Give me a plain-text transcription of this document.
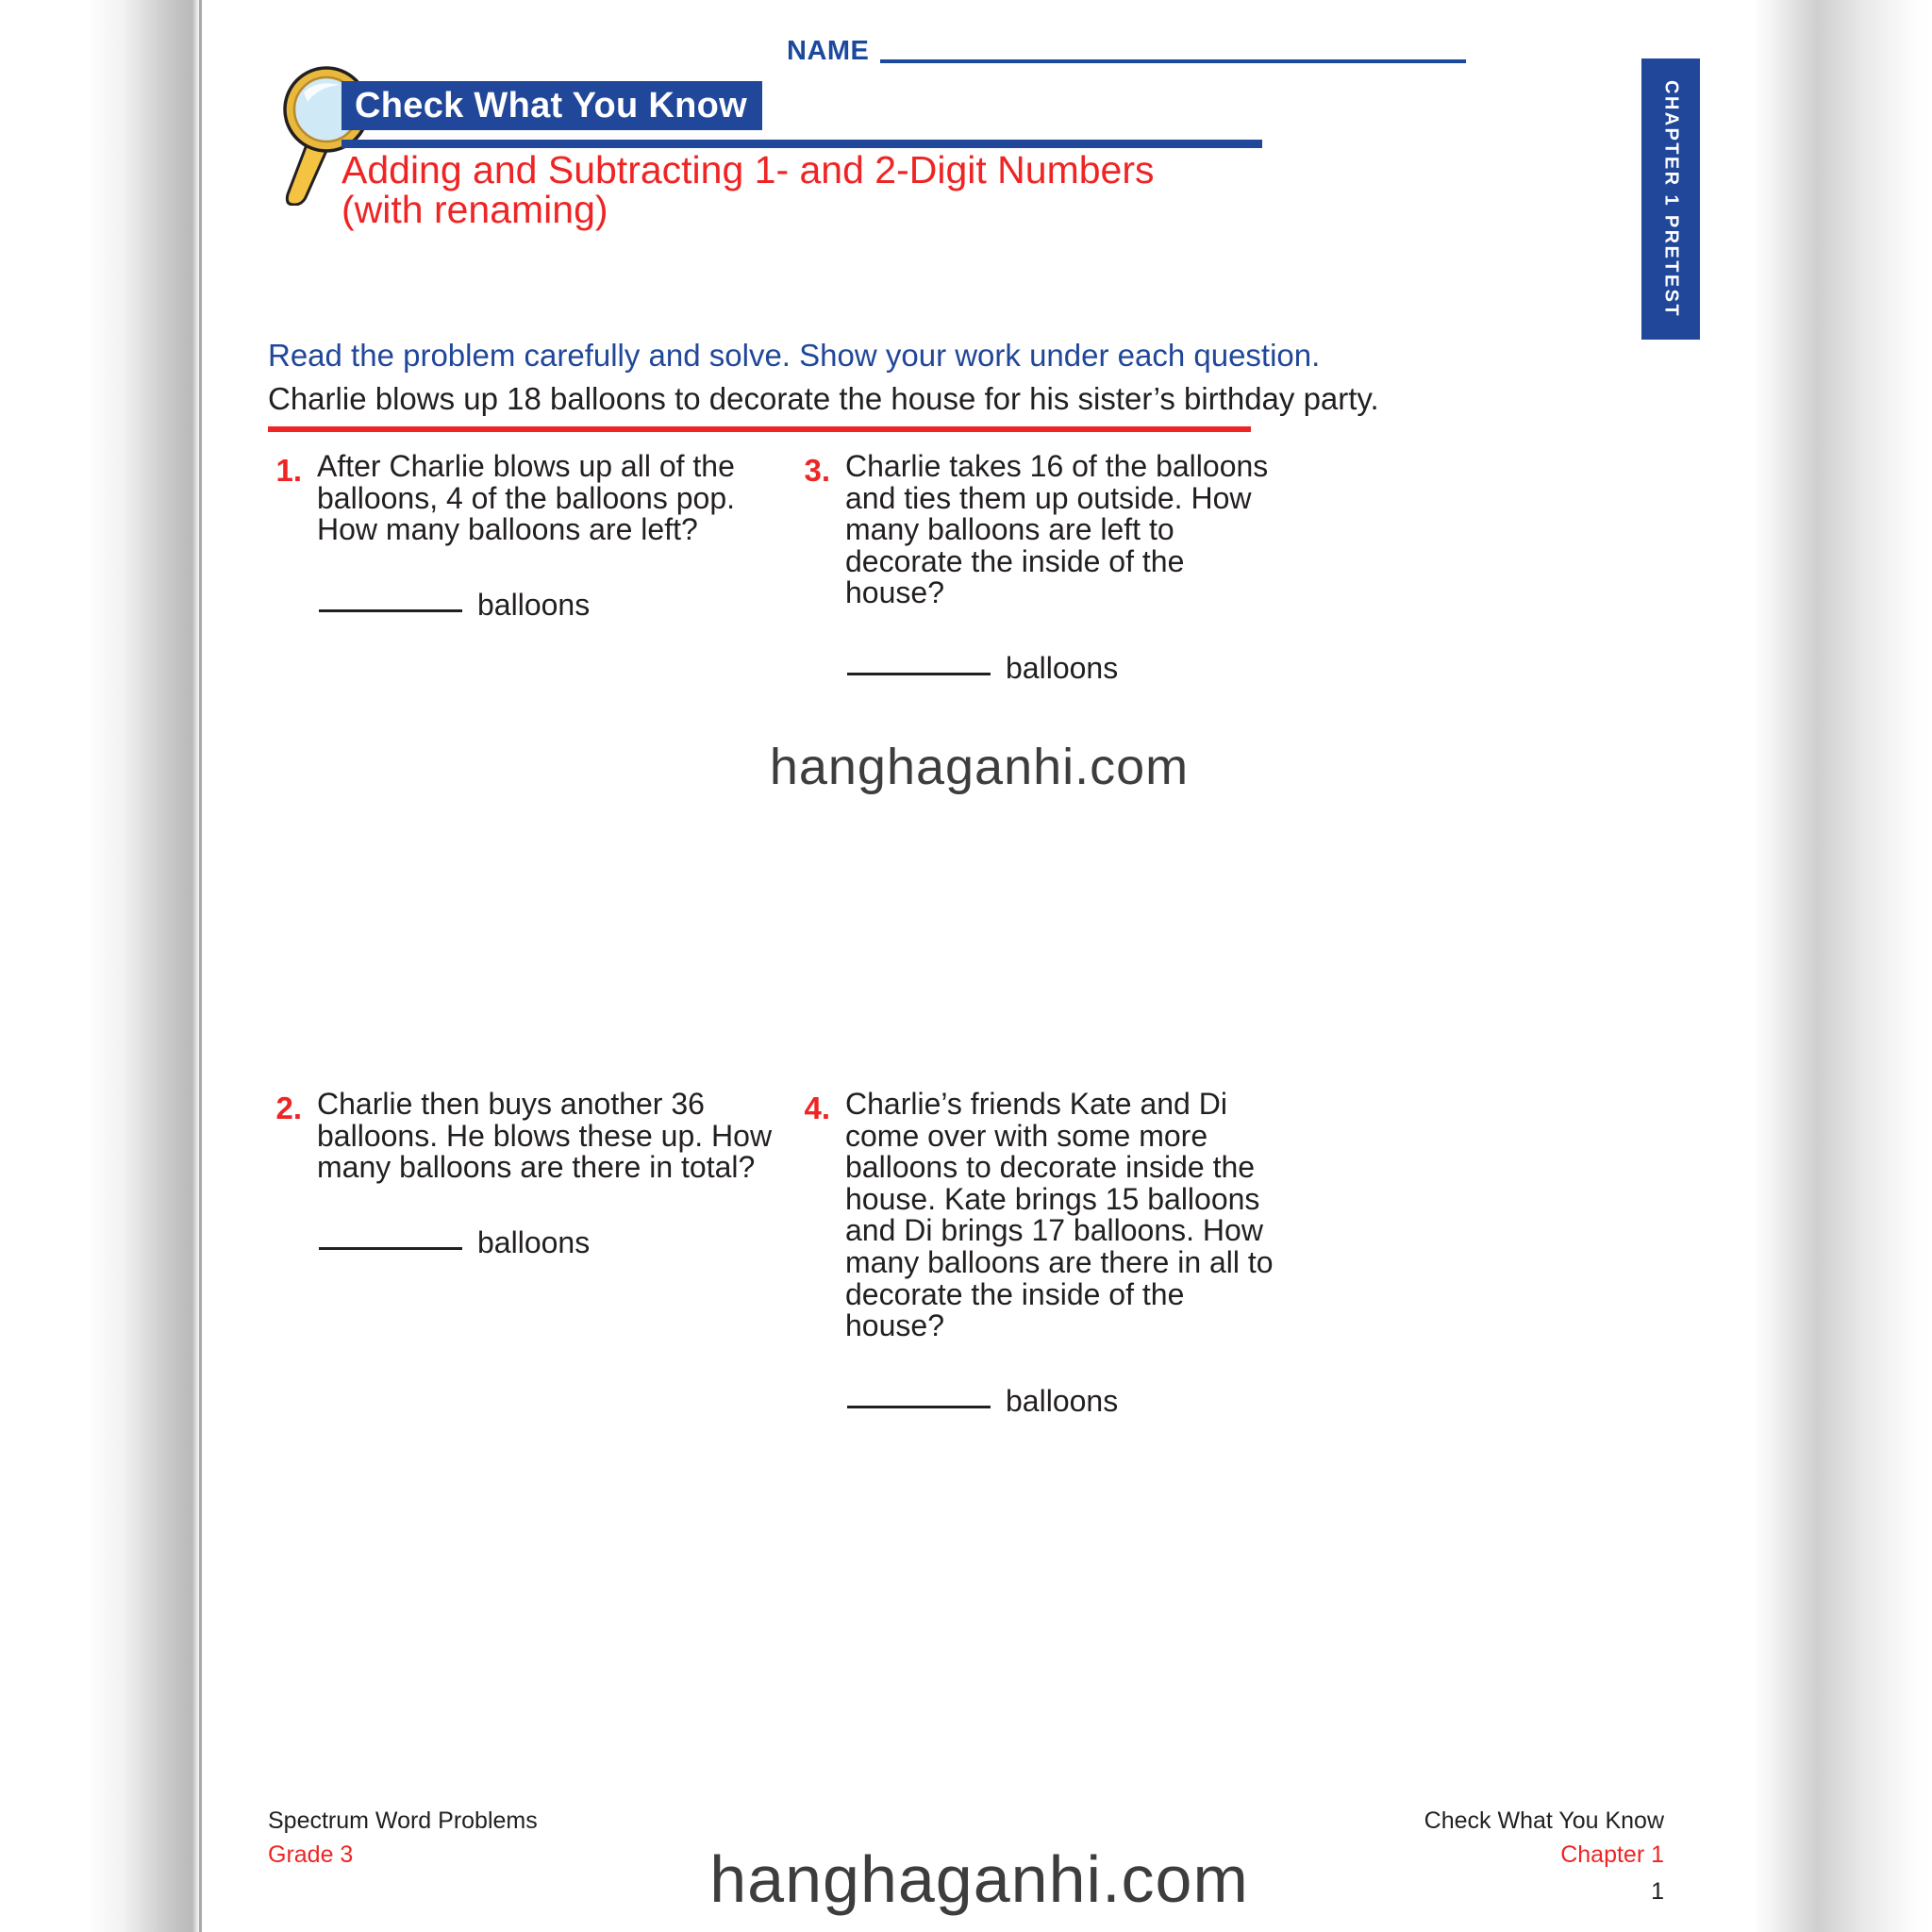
NAME
Check What You Know
Adding and Subtracting 1- and 2-Digit Numbers
(with renaming)
Read the problem carefully and solve. Show your work under each question.
Charlie blows up 18 balloons to decorate the house for his sister’s birthday party.
CHAPTER 1 PRETEST
1. After Charlie blows up all of the balloons, 4 of the balloons pop. How many balloons are left?

balloons
3. Charlie takes 16 of the balloons and ties them up outside. How many balloons are left to decorate the inside of the house?

balloons
2. Charlie then buys another 36 balloons. He blows these up. How many balloons are there in total?

balloons
4. Charlie’s friends Kate and Di come over with some more balloons to decorate inside the house. Kate brings 15 balloons and Di brings 17 balloons. How many balloons are there in all to decorate the inside of the house?

balloons
hanghaganhi.com
hanghaganhi.com
Spectrum Word Problems
Grade 3
Check What You Know
Chapter 1
1
